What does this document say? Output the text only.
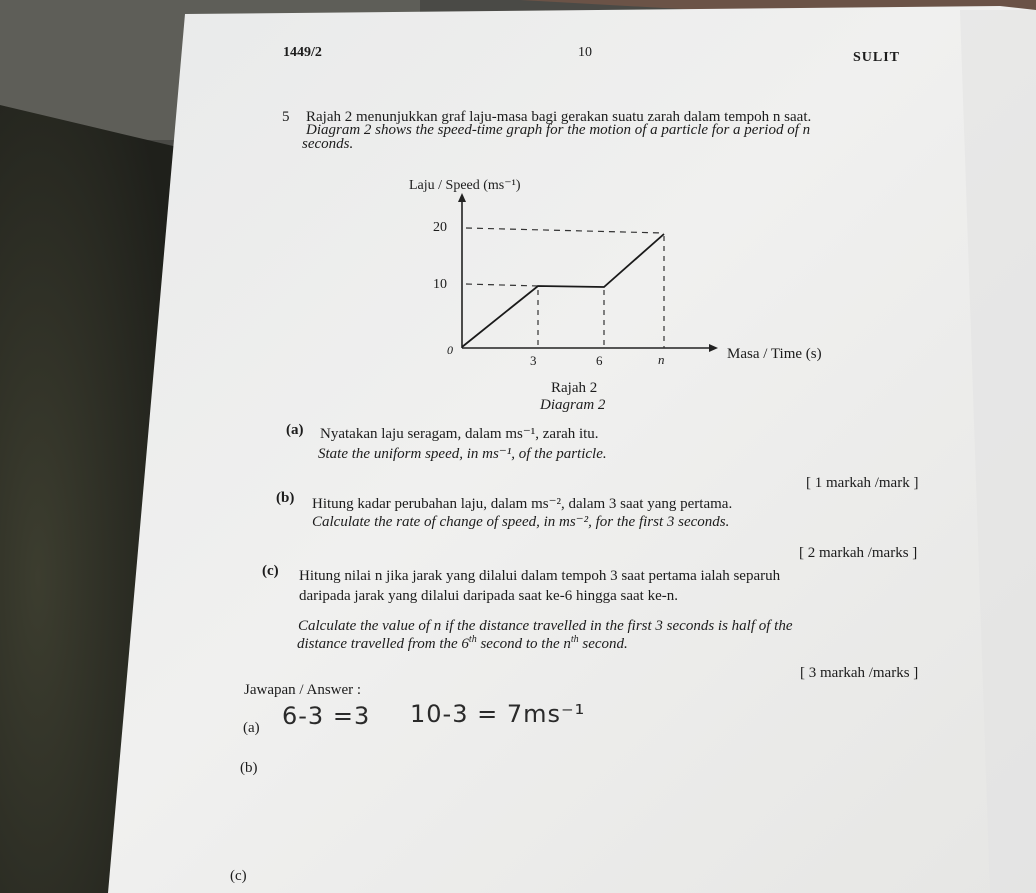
1449/2	10	SULIT
5 Rajah 2 menunjukkan graf laju-masa bagi gerakan suatu zarah dalam tempoh n saat.
Diagram 2 shows the speed-time graph for the motion of a particle for a period of n
seconds.
Laju / Speed (ms⁻¹)
20
10
0
3	6	n	Masa / Time (s)
Rajah 2
Diagram 2
(a) Nyatakan laju seragam, dalam ms⁻¹, zarah itu.
State the uniform speed, in ms⁻¹, of the particle.
[ 1 markah /mark ]
(b) Hitung kadar perubahan laju, dalam ms⁻², dalam 3 saat yang pertama.
Calculate the rate of change of speed, in ms⁻², for the first 3 seconds.
[ 2 markah /marks ]
(c) Hitung nilai n jika jarak yang dilalui dalam tempoh 3 saat pertama ialah separuh
daripada jarak yang dilalui daripada saat ke-6 hingga saat ke-n.
Calculate the value of n if the distance travelled in the first 3 seconds is half of the
distance travelled from the 6th second to the $n^{th}$ second.
[ 3 markah /marks ]
Jawapan / Answer :
(a) 6-3 =3 10-3 = 7ms⁻¹
(b)
(c)
